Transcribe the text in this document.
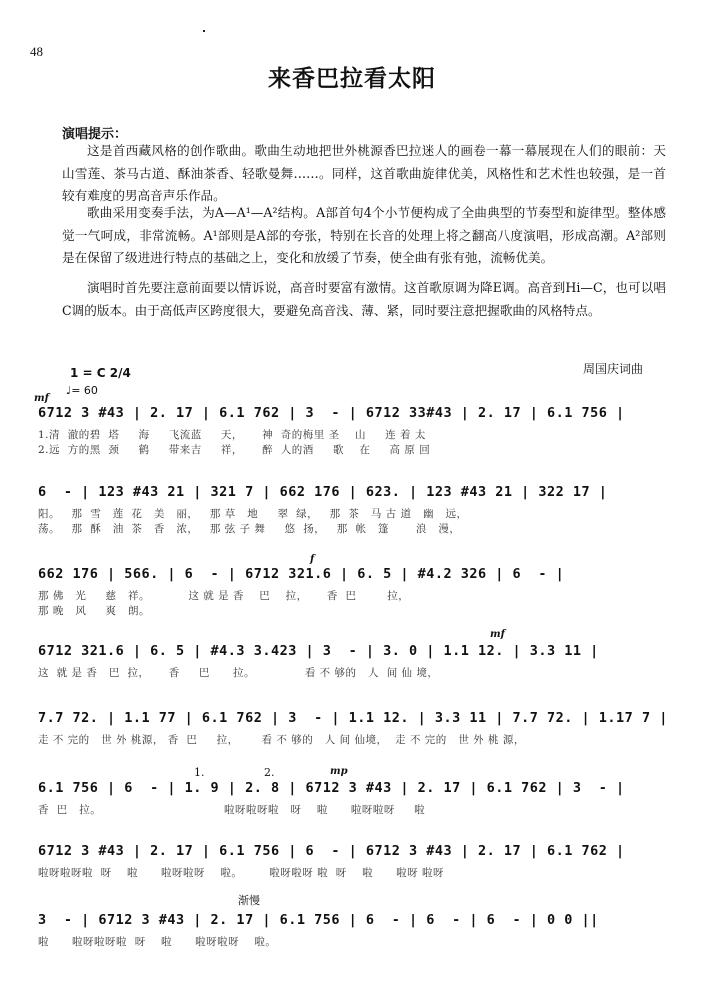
48
来香巴拉看太阳
演唱提示：
这是首西藏风格的创作歌曲。歌曲生动地把世外桃源香巴拉迷人的画卷一幕一幕展现在人们的眼前：天山雪莲、茶马古道、酥油茶香、轻歌曼舞……。同样，这首歌曲旋律优美，风格性和艺术性也较强，是一首较有难度的男高音声乐作品。
歌曲采用变奏手法，为A—A¹—A²结构。A部首句4个小节便构成了全曲典型的节奏型和旋律型。整体感觉一气呵成，非常流畅。A¹部则是A部的夸张，特别在长音的处理上将之翻高八度演唱，形成高潮。A²部则是在保留了级进进行特点的基础之上，变化和放缓了节奏，使全曲有张有弛，流畅优美。
演唱时首先要注意前面要以情诉说，高音时要富有激情。这首歌原调为降E调。高音到Hi—C，也可以唱C调的版本。由于高低声区跨度很大，要避免高音浅、薄、紧，同时要注意把握歌曲的风格特点。
1 = C 2/4
♩= 60
周国庆词曲
mf
6712 3 #43 | 2. 17 | 6.1 762 | 3  - | 6712 33#43 | 2. 17 | 6.1 756 |
1.清  澈的碧  塔     海     飞流蓝     天，     神  奇的梅里 圣    山     连 着 太
2.远  方的黑  颈     鹤     带来吉     祥，     醉  人的酒     歌    在     高 原 回
6  - | 123 #43 21 | 321 7 | 662 176 | 623. | 123 #43 21 | 322 17 |
阳。   那  雪   莲  花   美   丽，   那 草   地     翠  绿，   那  茶   马 古 道   幽   远，
荡。   那  酥   油  茶   香   浓，   那 弦 子 舞     悠  扬，   那  帐   篷       浪   漫，
f
662 176 | 566. | 6  - | 6712 321.6 | 6. 5 | #4.2 326 | 6  - |
那 佛   光     慈   祥。          这 就 是 香    巴    拉，     香  巴        拉，
那 晚   风     爽   朗。
mf
6712 321.6 | 6. 5 | #4.3 3.423 | 3  - | 3. 0 | 1.1 12. | 3.3 11 |
这  就 是 香   巴  拉，     香     巴      拉。             看 不 够的   人  间 仙 境，
7.7 72. | 1.1 77 | 6.1 762 | 3  - | 1.1 12. | 3.3 11 | 7.7 72. | 1.17 7 |
走 不 完的   世 外 桃源， 香  巴     拉，      看 不 够的   人 间 仙境，  走 不 完的   世 外 桃 源，
1.	2.	mp
6.1 756 | 6  - | 1. 9 | 2. 8 | 6712 3 #43 | 2. 17 | 6.1 762 | 3  - |
香  巴   拉。                                啦呀啦呀啦   呀    啦      啦呀啦呀     啦
6712 3 #43 | 2. 17 | 6.1 756 | 6  - | 6712 3 #43 | 2. 17 | 6.1 762 |
啦呀啦呀啦  呀    啦      啦呀啦呀    啦。       啦呀啦呀 啦  呀    啦      啦呀 啦呀
渐慢
3  - | 6712 3 #43 | 2. 17 | 6.1 756 | 6  - | 6  - | 6  - | 0 0 ||
啦      啦呀啦呀啦  呀    啦      啦呀啦呀    啦。
